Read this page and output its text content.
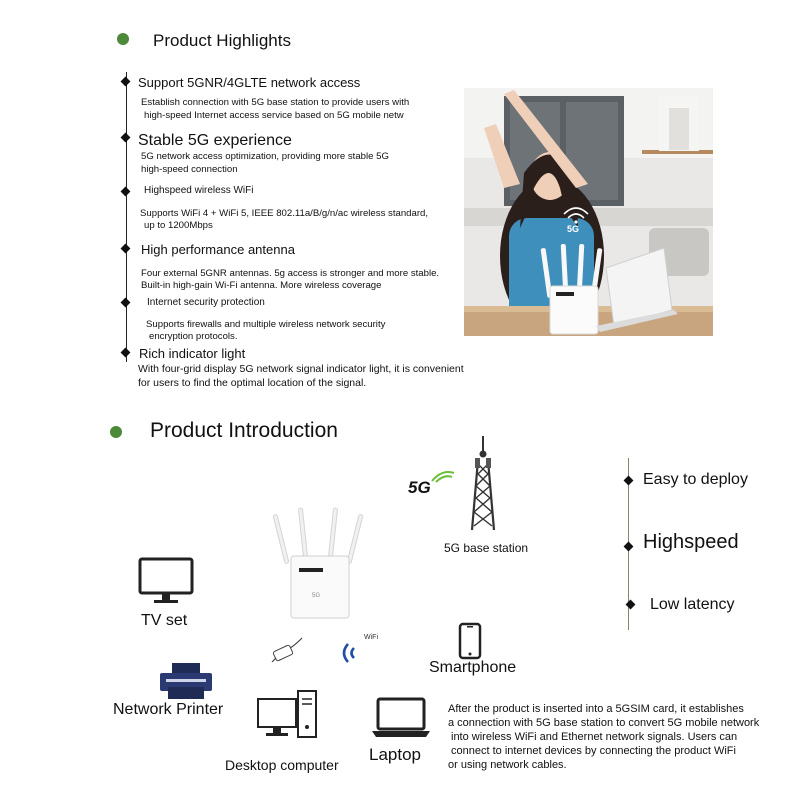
Product Highlights
Support 5GNR/4GLTE network access
Establish connection with 5G base station to provide users with
high-speed Internet access service based on 5G mobile netw
Stable 5G experience
5G network access optimization, providing more stable 5G
high-speed connection
Highspeed wireless WiFi
Supports WiFi 4 + WiFi 5, IEEE 802.11a/B/g/n/ac wireless standard,
up to 1200Mbps
High performance antenna
Four external 5GNR antennas. 5g access is stronger and more stable.
Built-in high-gain Wi-Fi antenna. More wireless coverage
Internet security protection
Supports firewalls and multiple wireless network security
encryption protocols.
Rich indicator light
With four-grid display 5G network signal indicator light, it is convenient
for users to find the optimal location of the signal.
5G
Product Introduction
5G
5G base station
Easy to deploy
Highspeed
Low latency
5G
WiFi
TV set
Network Printer
Desktop computer
Laptop
Smartphone
After the product is inserted into a 5GSIM card, it establishes
a connection with 5G base station to convert 5G mobile network
into wireless WiFi and Ethernet network signals. Users can
connect to internet devices by connecting the product WiFi
or using network cables.
